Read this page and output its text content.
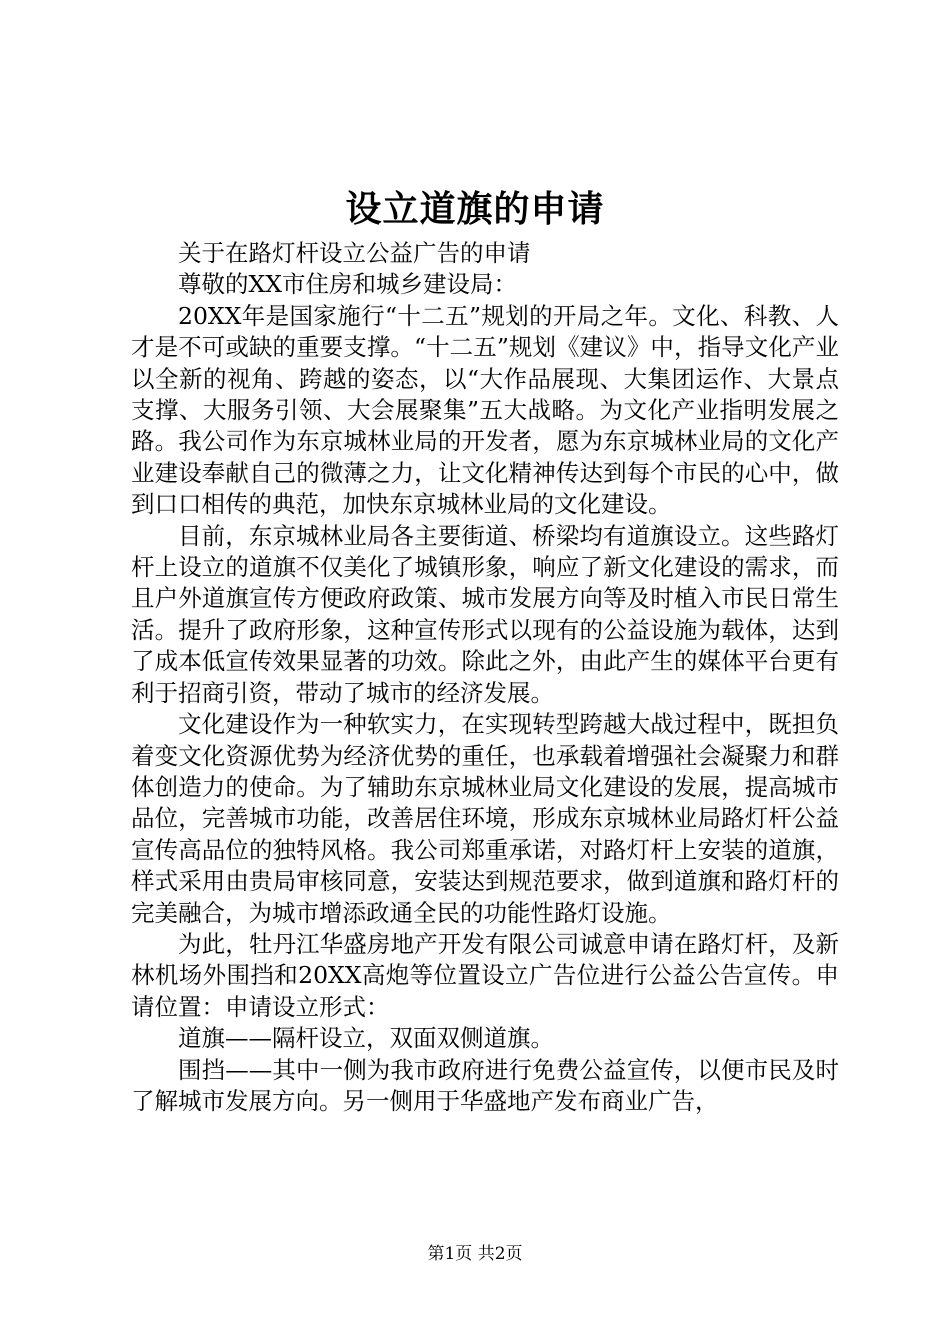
设立道旗的申请

关于在路灯杆设立公益广告的申请

尊敬的XX市住房和城乡建设局：

20XX年是国家施行“十二五”规划的开局之年。文化、科教、人才是不可或缺的重要支撑。“十二五”规划《建议》中，指导文化产业以全新的视角、跨越的姿态，以“大作品展现、大集团运作、大景点支撑、大服务引领、大会展聚集”五大战略。为文化产业指明发展之路。我公司作为东京城林业局的开发者，愿为东京城林业局的文化产业建设奉献自己的微薄之力，让文化精神传达到每个市民的心中，做到口口相传的典范，加快东京城林业局的文化建设。

目前，东京城林业局各主要街道、桥梁均有道旗设立。这些路灯杆上设立的道旗不仅美化了城镇形象，响应了新文化建设的需求，而且户外道旗宣传方便政府政策、城市发展方向等及时植入市民日常生活。提升了政府形象，这种宣传形式以现有的公益设施为载体，达到了成本低宣传效果显著的功效。除此之外，由此产生的媒体平台更有利于招商引资，带动了城市的经济发展。

文化建设作为一种软实力，在实现转型跨越大战过程中，既担负着变文化资源优势为经济优势的重任，也承载着增强社会凝聚力和群体创造力的使命。为了辅助东京城林业局文化建设的发展，提高城市品位，完善城市功能，改善居住环境，形成东京城林业局路灯杆公益宣传高品位的独特风格。我公司郑重承诺，对路灯杆上安装的道旗，样式采用由贵局审核同意，安装达到规范要求，做到道旗和路灯杆的完美融合，为城市增添政通全民的功能性路灯设施。

为此，牡丹江华盛房地产开发有限公司诚意申请在路灯杆，及新林机场外围挡和20XX高炮等位置设立广告位进行公益公告宣传。申请位置：申请设立形式：

道旗——隔杆设立，双面双侧道旗。

围挡——其中一侧为我市政府进行免费公益宣传，以便市民及时了解城市发展方向。另一侧用于华盛地产发布商业广告，

第1页 共2页
